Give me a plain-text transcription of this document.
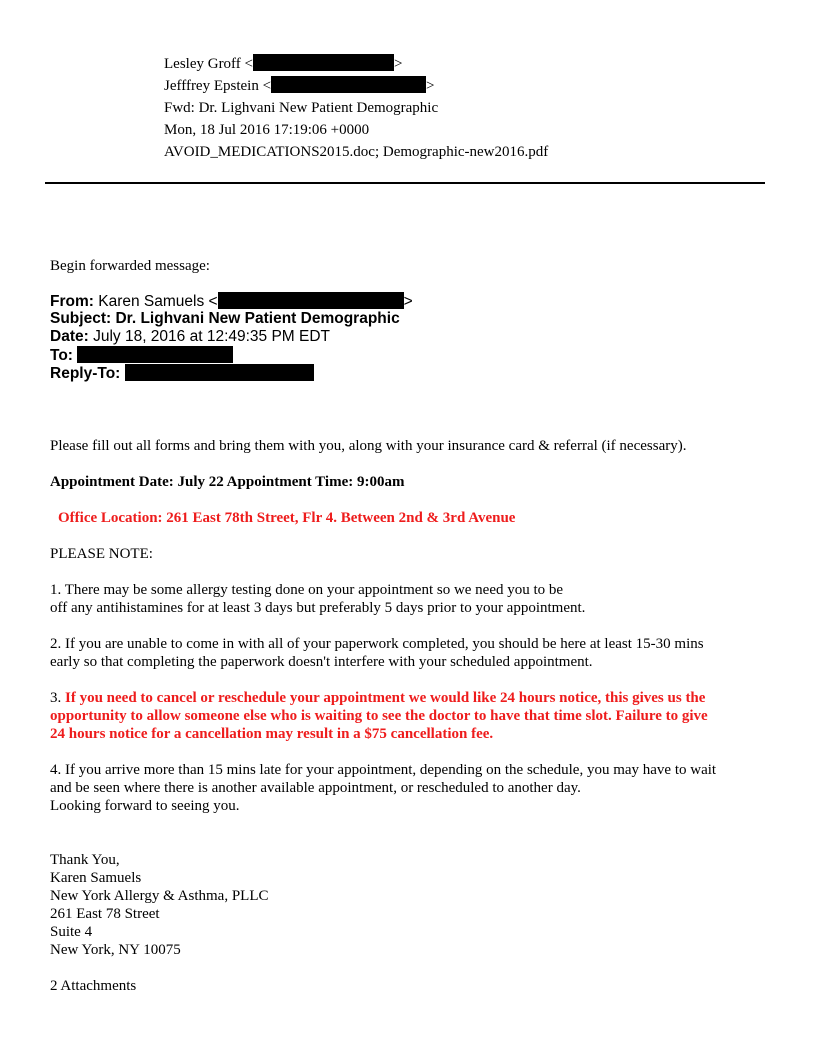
Lesley Groff <	>
Jefffrey Epstein <	>
Fwd: Dr. Lighvani New Patient Demographic
Mon, 18 Jul 2016 17:19:06 +0000
AVOID_MEDICATIONS2015.doc; Demographic-new2016.pdf
Begin forwarded message:
From: Karen Samuels <	>
Subject: Dr. Lighvani New Patient Demographic
Date: July 18, 2016 at 12:49:35 PM EDT
To:
Reply-To:
Please fill out all forms and bring them with you, along with your insurance card & referral (if necessary).
Appointment Date: July 22 Appointment Time: 9:00am
Office Location: 261 East 78th Street, Flr 4. Between 2nd & 3rd Avenue
PLEASE NOTE:
1. There may be some allergy testing done on your appointment so we need you to be
off any antihistamines for at least 3 days but preferably 5 days prior to your appointment.
2. If you are unable to come in with all of your paperwork completed, you should be here at least 15-30 mins
early so that completing the paperwork doesn't interfere with your scheduled appointment.
3. If you need to cancel or reschedule your appointment we would like 24 hours notice, this gives us the
opportunity to allow someone else who is waiting to see the doctor to have that time slot. Failure to give
24 hours notice for a cancellation may result in a $75 cancellation fee.
4. If you arrive more than 15 mins late for your appointment, depending on the schedule, you may have to wait
and be seen where there is another available appointment, or rescheduled to another day.
Looking forward to seeing you.
Thank You,
Karen Samuels
New York Allergy & Asthma, PLLC
261 East 78 Street
Suite 4
New York, NY 10075
2 Attachments
